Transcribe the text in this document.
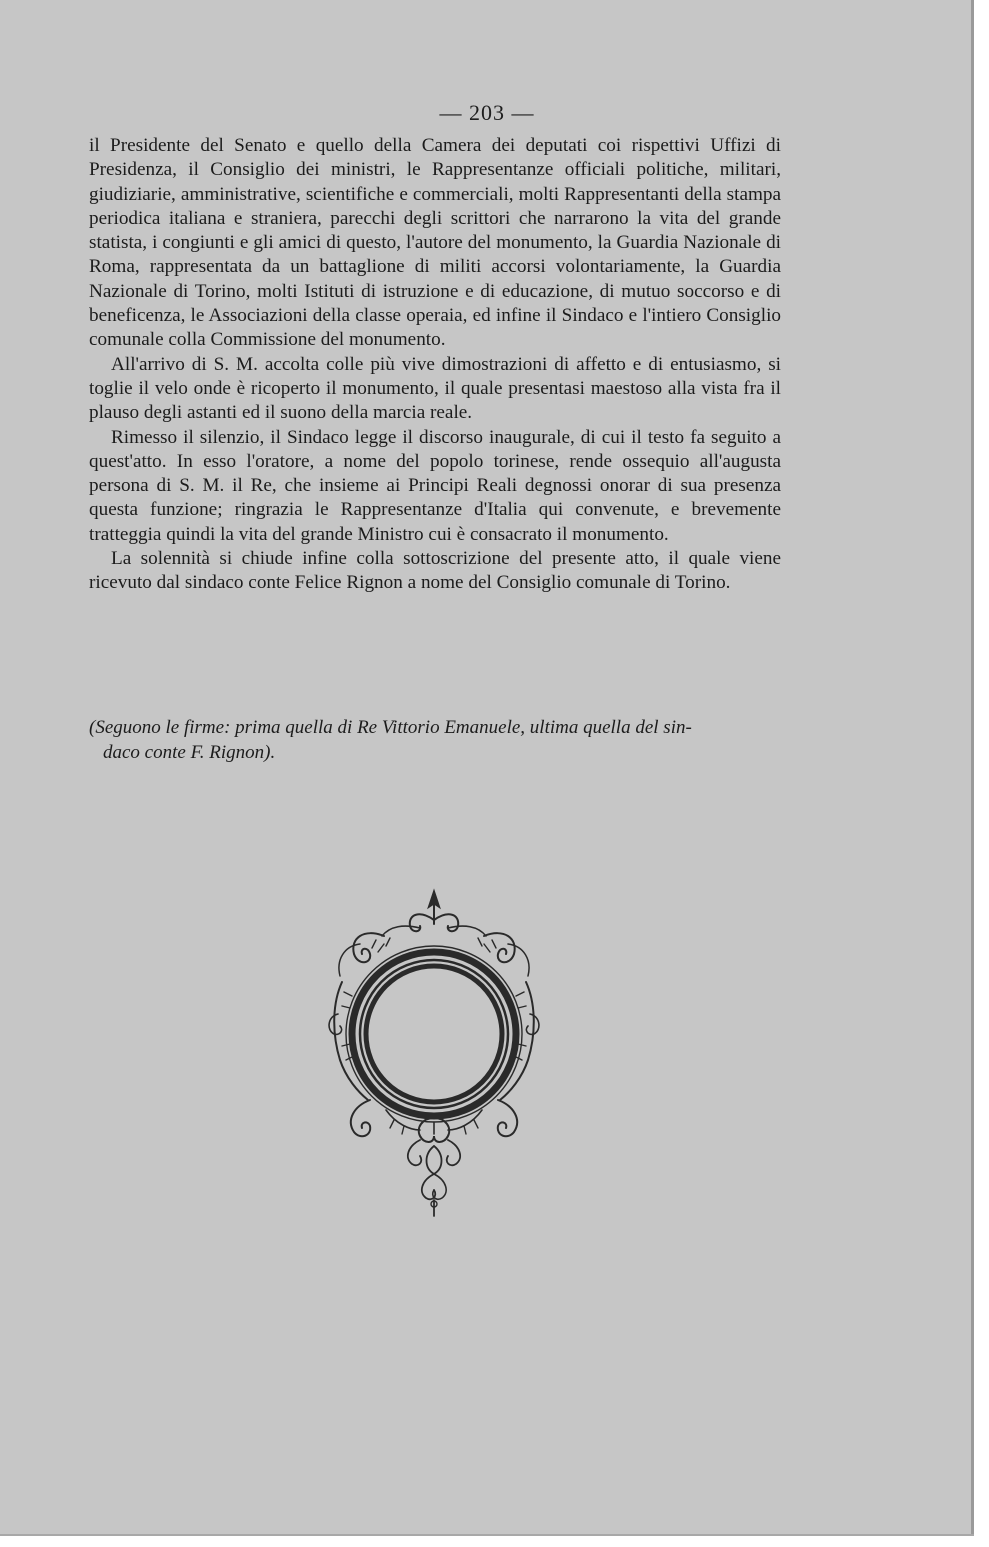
— 203 —

il Presidente del Senato e quello della Camera dei deputati coi rispettivi Uffizi di Presidenza, il Consiglio dei ministri, le Rappresentanze officiali politiche, militari, giudiziarie, amministrative, scientifiche e commerciali, molti Rappresentanti della stampa periodica italiana e straniera, parecchi degli scrittori che narrarono la vita del grande statista, i congiunti e gli amici di questo, l'autore del monumento, la Guardia Nazionale di Roma, rappresentata da un battaglione di militi accorsi volontariamente, la Guardia Nazionale di Torino, molti Istituti di istruzione e di educazione, di mutuo soccorso e di beneficenza, le Associazioni della classe operaia, ed infine il Sindaco e l'intiero Consiglio comunale colla Commissione del monumento.

All'arrivo di S. M. accolta colle più vive dimostrazioni di affetto e di entusiasmo, si toglie il velo onde è ricoperto il monumento, il quale presentasi maestoso alla vista fra il plauso degli astanti ed il suono della marcia reale.

Rimesso il silenzio, il Sindaco legge il discorso inaugurale, di cui il testo fa seguito a quest'atto. In esso l'oratore, a nome del popolo torinese, rende ossequio all'augusta persona di S. M. il Re, che insieme ai Principi Reali degnossi onorar di sua presenza questa funzione; ringrazia le Rappresentanze d'Italia qui convenute, e brevemente tratteggia quindi la vita del grande Ministro cui è consacrato il monumento.

La solennità si chiude infine colla sottoscrizione del presente atto, il quale viene ricevuto dal sindaco conte Felice Rignon a nome del Consiglio comunale di Torino.

(Seguono le firme: prima quella di Re Vittorio Emanuele, ultima quella del sin-
daco conte F. Rignon).
